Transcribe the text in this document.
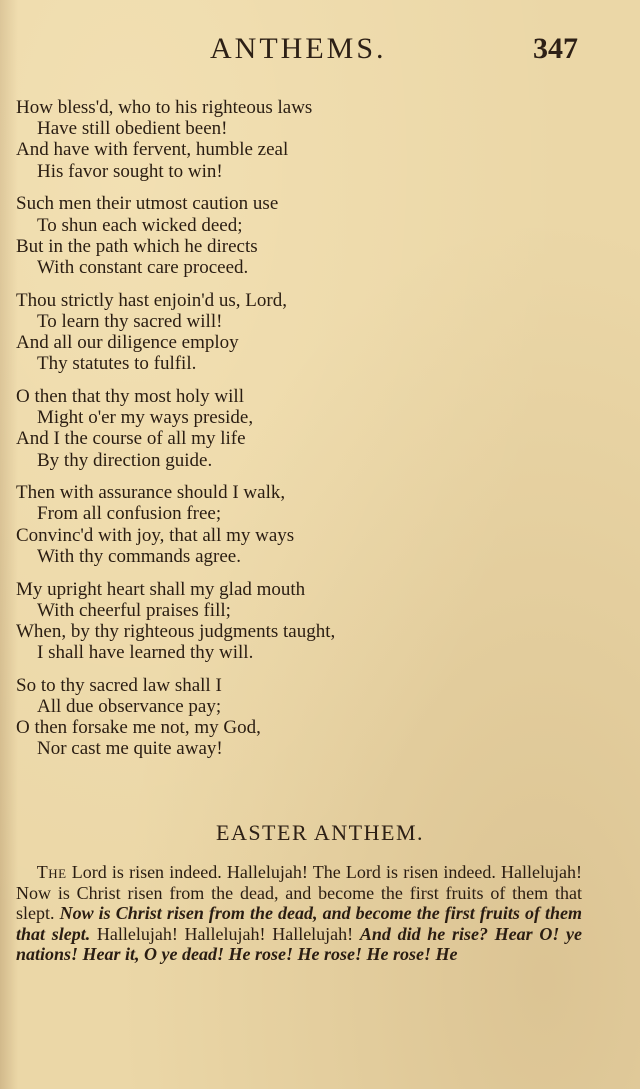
ANTHEMS.	347
How bless'd, who to his righteous laws
Have still obedient been!
And have with fervent, humble zeal
His favor sought to win!
Such men their utmost caution use
To shun each wicked deed;
But in the path which he directs
With constant care proceed.
Thou strictly hast enjoin'd us, Lord,
To learn thy sacred will!
And all our diligence employ
Thy statutes to fulfil.
O then that thy most holy will
Might o'er my ways preside,
And I the course of all my life
By thy direction guide.
Then with assurance should I walk,
From all confusion free;
Convinc'd with joy, that all my ways
With thy commands agree.
My upright heart shall my glad mouth
With cheerful praises fill;
When, by thy righteous judgments taught,
I shall have learned thy will.
So to thy sacred law shall I
All due observance pay;
O then forsake me not, my God,
Nor cast me quite away!
EASTER ANTHEM.
The Lord is risen indeed. Hallelujah! The Lord is risen indeed. Hallelujah! Now is Christ risen from the dead, and become the first fruits of them that slept. Now is Christ risen from the dead, and become the first fruits of them that slept. Hallelujah! Hallelujah! Hallelujah! And did he rise? Hear O! ye nations! Hear it, O ye dead! He rose! He rose! He rose! He
